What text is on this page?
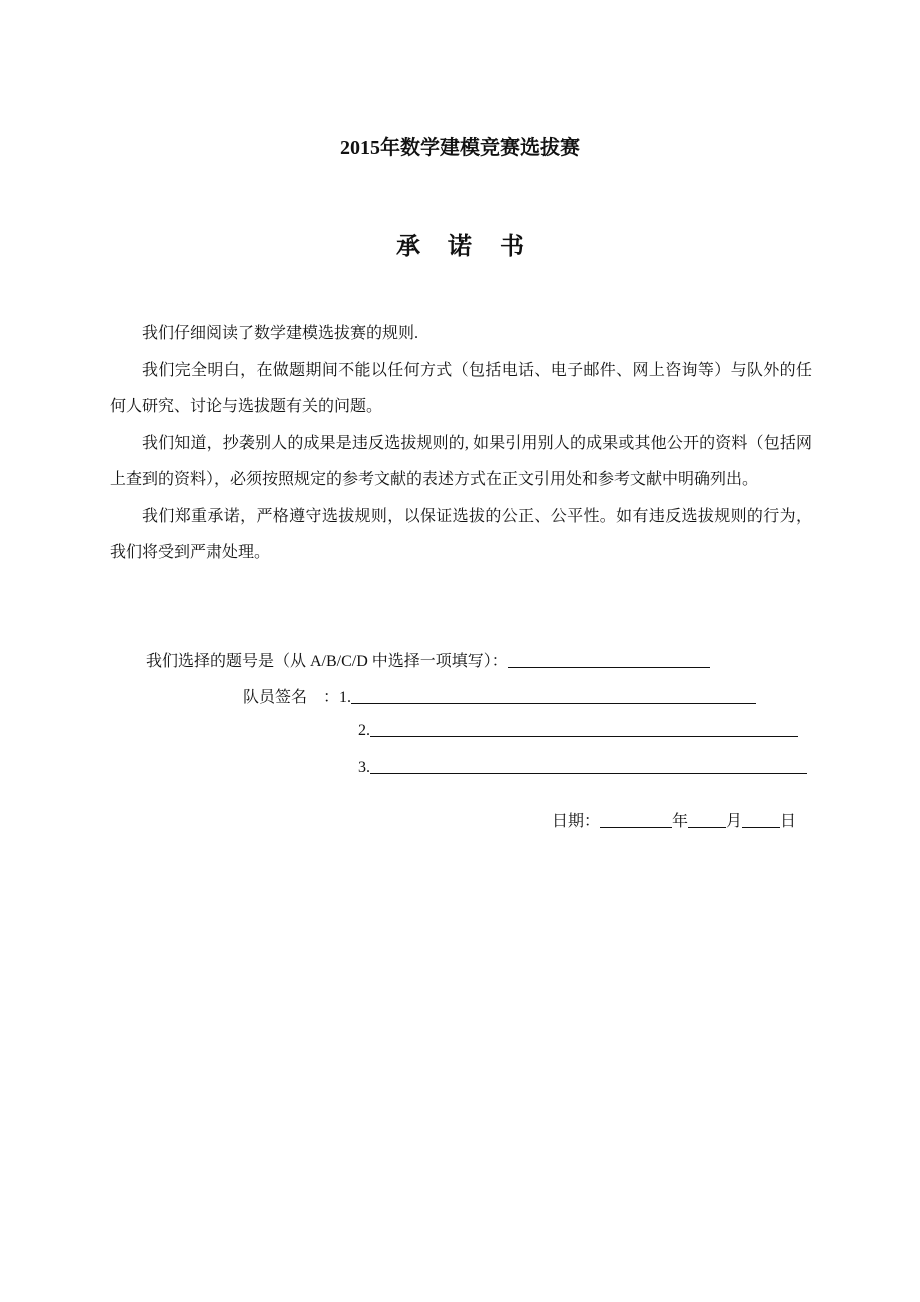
2015年数学建模竞赛选拔赛
承诺书

我们仔细阅读了数学建模选拔赛的规则.

我们完全明白，在做题期间不能以任何方式（包括电话、电子邮件、网上咨询等）与队外的任何人研究、讨论与选拔题有关的问题。

我们知道，抄袭别人的成果是违反选拔规则的, 如果引用别人的成果或其他公开的资料（包括网上查到的资料），必须按照规定的参考文献的表述方式在正文引用处和参考文献中明确列出。

我们郑重承诺，严格遵守选拔规则，以保证选拔的公正、公平性。如有违反选拔规则的行为，我们将受到严肃处理。

我们选择的题号是（从 A/B/C/D 中选择一项填写）：
队员签名　：1.
2.
3.
日期：	年 月 日
